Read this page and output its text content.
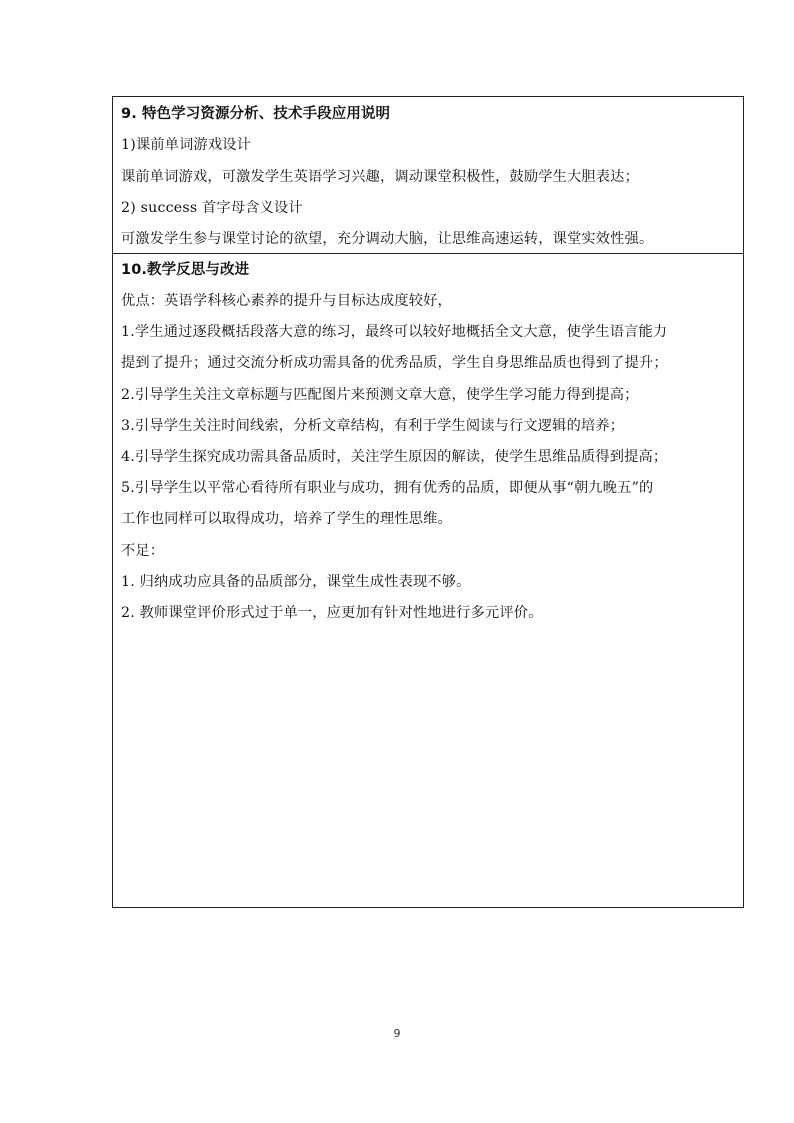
9. 特色学习资源分析、技术手段应用说明
1)课前单词游戏设计
课前单词游戏，可激发学生英语学习兴趣，调动课堂积极性，鼓励学生大胆表达；
2) success 首字母含义设计
可激发学生参与课堂讨论的欲望，充分调动大脑，让思维高速运转，课堂实效性强。
10.教学反思与改进
优点：英语学科核心素养的提升与目标达成度较好，
1.学生通过逐段概括段落大意的练习，最终可以较好地概括全文大意，使学生语言能力
提到了提升；通过交流分析成功需具备的优秀品质，学生自身思维品质也得到了提升；
2.引导学生关注文章标题与匹配图片来预测文章大意，使学生学习能力得到提高；
3.引导学生关注时间线索，分析文章结构，有利于学生阅读与行文逻辑的培养；
4.引导学生探究成功需具备品质时，关注学生原因的解读，使学生思维品质得到提高；
5.引导学生以平常心看待所有职业与成功，拥有优秀的品质，即便从事“朝九晚五”的
工作也同样可以取得成功，培养了学生的理性思维。
不足：
1. 归纳成功应具备的品质部分，课堂生成性表现不够。
2. 教师课堂评价形式过于单一，应更加有针对性地进行多元评价。
9
